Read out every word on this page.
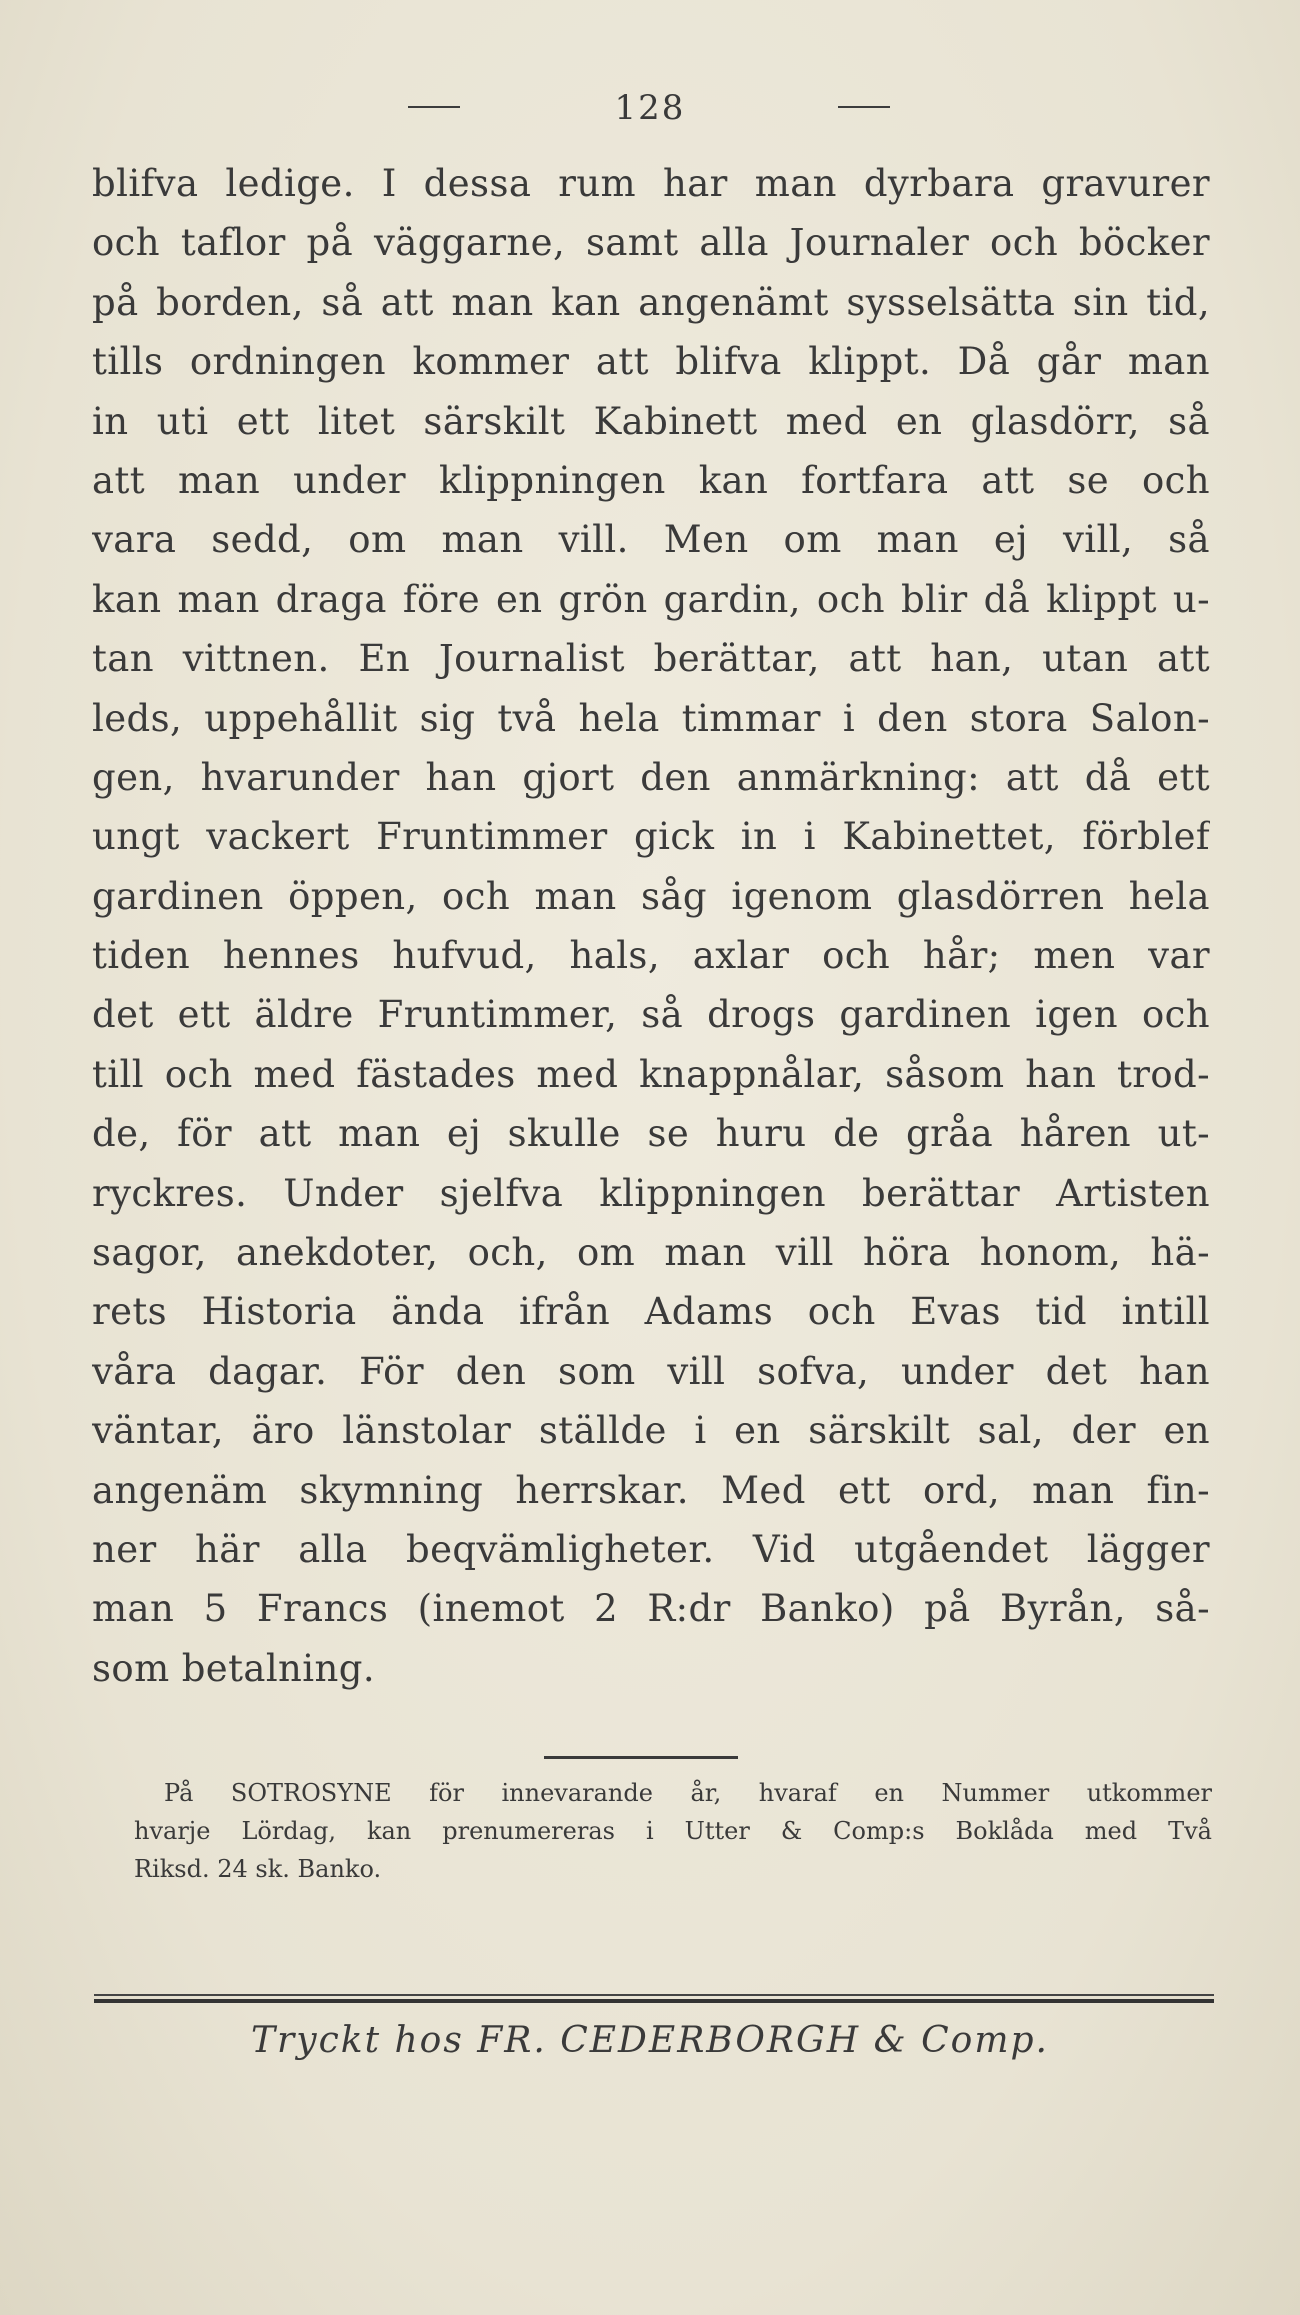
128
blifva ledige. I dessa rum har man dyrbara gravurer
och taflor på väggarne, samt alla Journaler och böcker
på borden, så att man kan angenämt sysselsätta sin tid,
tills ordningen kommer att blifva klippt. Då går man
in uti ett litet särskilt Kabinett med en glasdörr, så
att man under klippningen kan fortfara att se och
vara sedd, om man vill. Men om man ej vill, så
kan man draga före en grön gardin, och blir då klippt u-
tan vittnen. En Journalist berättar, att han, utan att
leds, uppehållit sig två hela timmar i den stora Salon-
gen, hvarunder han gjort den anmärkning: att då ett
ungt vackert Fruntimmer gick in i Kabinettet, förblef
gardinen öppen, och man såg igenom glasdörren hela
tiden hennes hufvud, hals, axlar och hår; men var
det ett äldre Fruntimmer, så drogs gardinen igen och
till och med fästades med knappnålar, såsom han trod-
de, för att man ej skulle se huru de gråa håren ut-
ryckres. Under sjelfva klippningen berättar Artisten
sagor, anekdoter, och, om man vill höra honom, hä-
rets Historia ända ifrån Adams och Evas tid intill
våra dagar. För den som vill sofva, under det han
väntar, äro länstolar ställde i en särskilt sal, der en
angenäm skymning herrskar. Med ett ord, man fin-
ner här alla beqvämligheter. Vid utgåendet lägger
man 5 Francs (inemot 2 R:dr Banko) på Byrån, så-
som betalning.
På SOTROSYNE för innevarande år, hvaraf en Nummer utkommer
hvarje Lördag, kan prenumereras i Utter & Comp:s Boklåda med Två
Riksd. 24 sk. Banko.
Tryckt hos FR. CEDERBORGH & Comp.
